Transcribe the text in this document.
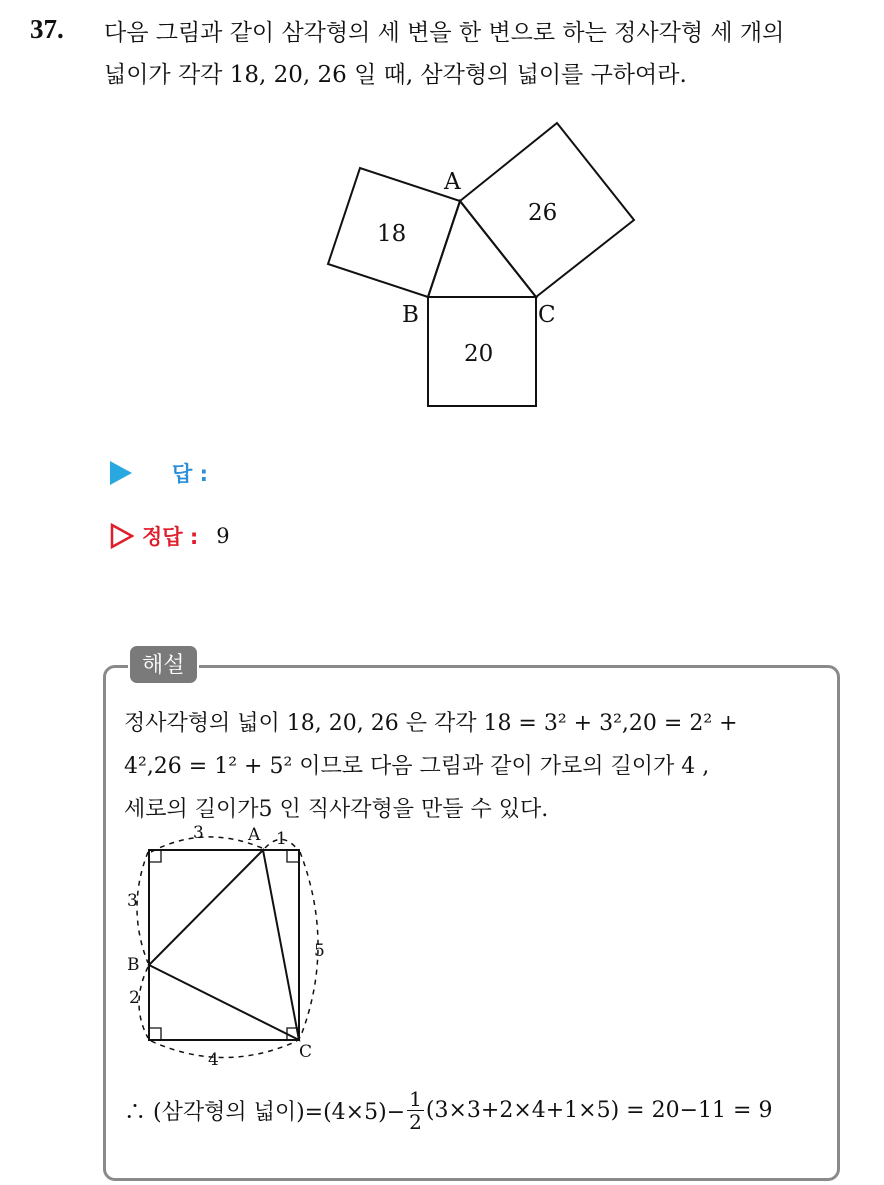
37. 다음 그림과 같이 삼각형의 세 변을 한 변으로 하는 정사각형 세 개의
넓이가 각각 18, 20, 26 일 때, 삼각형의 넓이를 구하여라.
A
B	C
18
26
20
답 :
정답 : 9
해설
정사각형의 넓이 18, 20, 26 은 각각 18 = 3² + 3²,20 = 2² +
4²,26 = 1² + 5² 이므로 다음 그림과 같이 가로의 길이가 4 ,
세로의 길이가5 인 직사각형을 만들 수 있다.
A
B
C
3	1
3
2
5
4
∴ (삼각형의 넓이)$=(4\times 5)- \frac{1}{2} (3\times 3+2\times 4+1\times 5) = 20-11 = 9$
